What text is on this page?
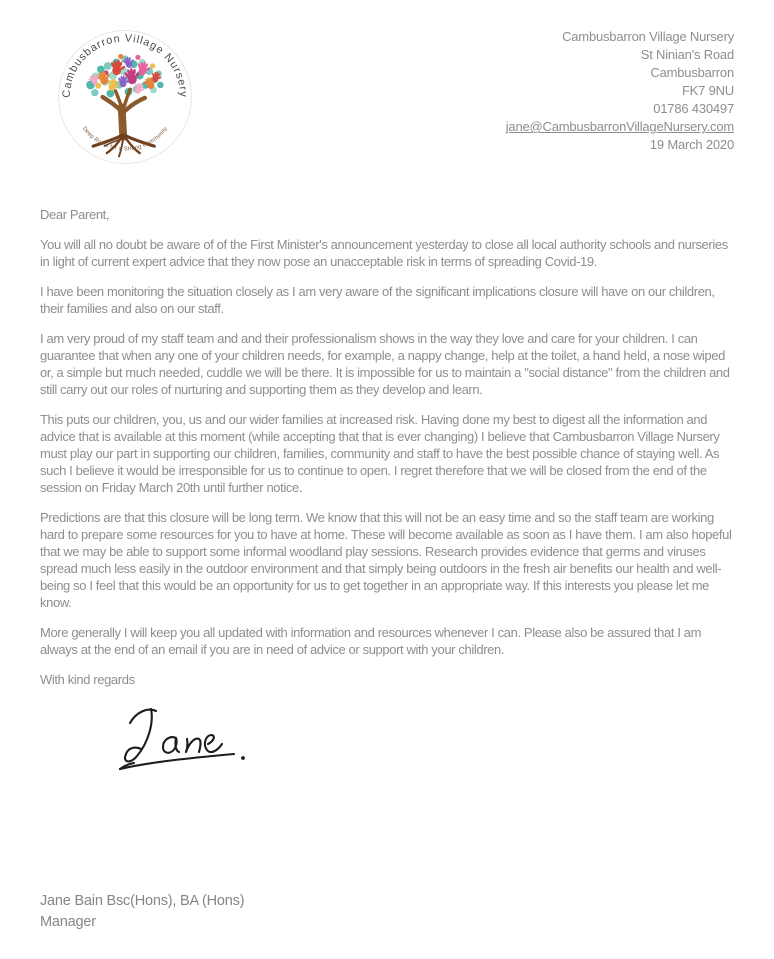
Cambusbarron Village Nursery
Deep Roots for a Strong Community
Cambusbarron Village Nursery
St Ninian's Road
Cambusbarron
FK7 9NU
01786 430497
jane@CambusbarronVillageNursery.com
19 March 2020

Dear Parent,

You will all no doubt be aware of of the First Minister's announcement yesterday to close all local authority schools and nurseries in light of current expert advice that they now pose an unacceptable risk in terms of spreading Covid-19.

I have been monitoring the situation closely as I am very aware of the significant implications closure will have on our children, their families and also on our staff.

I am very proud of my staff team and and their professionalism shows in the way they love and care for your children. I can guarantee that when any one of your children needs, for example, a nappy change, help at the toilet, a hand held, a nose wiped or, a simple but much needed, cuddle we will be there. It is impossible for us to maintain a "social distance" from the children and still carry out our roles of nurturing and supporting them as they develop and learn.

This puts our children, you, us and our wider families at increased risk. Having done my best to digest all the information and advice that is available at this moment (while accepting that that is ever changing) I believe that Cambusbarron Village Nursery must play our part in supporting our children, families, community and staff to have the best possible chance of staying well. As such I believe it would be irresponsible for us to continue to open. I regret therefore that we will be closed from the end of the session on Friday March 20th until further notice.

Predictions are that this closure will be long term. We know that this will not be an easy time and so the staff team are working hard to prepare some resources for you to have at home. These will become available as soon as I have them. I am also hopeful that we may be able to support some informal woodland play sessions. Research provides evidence that germs and viruses spread much less easily in the outdoor environment and that simply being outdoors in the fresh air benefits our health and well-being so I feel that this would be an opportunity for us to get together in an appropriate way. If this interests you please let me know.

More generally I will keep you all updated with information and resources whenever I can. Please also be assured that I am always at the end of an email if you are in need of advice or support with your children.

With kind regards

Jane Bain Bsc(Hons), BA (Hons)
Manager
